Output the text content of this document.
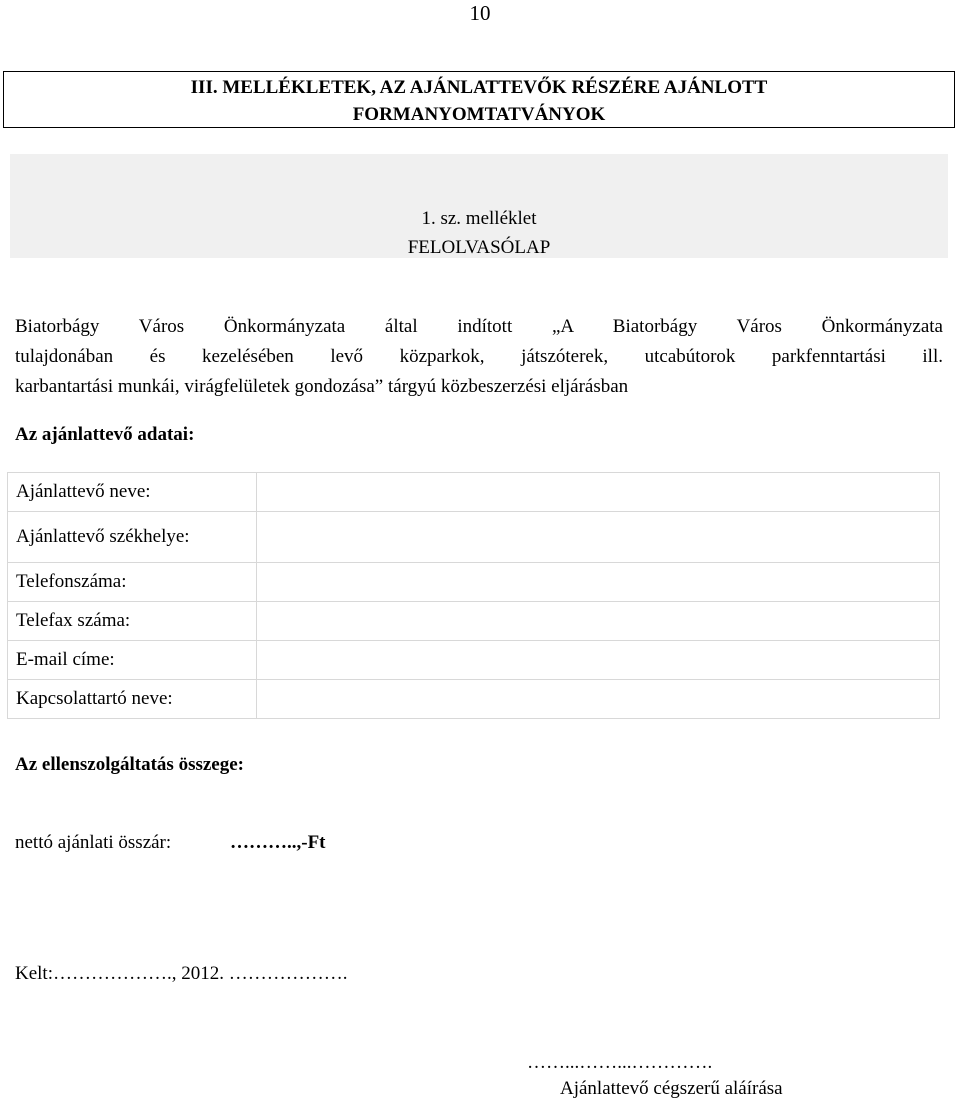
10
III. MELLÉKLETEK, AZ AJÁNLATTEVŐK RÉSZÉRE AJÁNLOTT
FORMANYOMTATVÁNYOK
1. sz. melléklet
FELOLVASÓLAP
Biatorbágy Város Önkormányzata által indított „A Biatorbágy Város Önkormányzata
tulajdonában és kezelésében levő közparkok, játszóterek, utcabútorok parkfenntartási ill.
karbantartási munkái, virágfelületek gondozása” tárgyú közbeszerzési eljárásban
Az ajánlattevő adatai:
Ajánlattevő neve:	
Ajánlattevő székhelye:	
Telefonszáma:	
Telefax száma:	
E-mail címe:	
Kapcsolattartó neve:	
Az ellenszolgáltatás összege:
nettó ajánlati összár:	………..,-Ft
Kelt:………………., 2012. ……………….
……...……...………….
Ajánlattevő cégszerű aláírása
